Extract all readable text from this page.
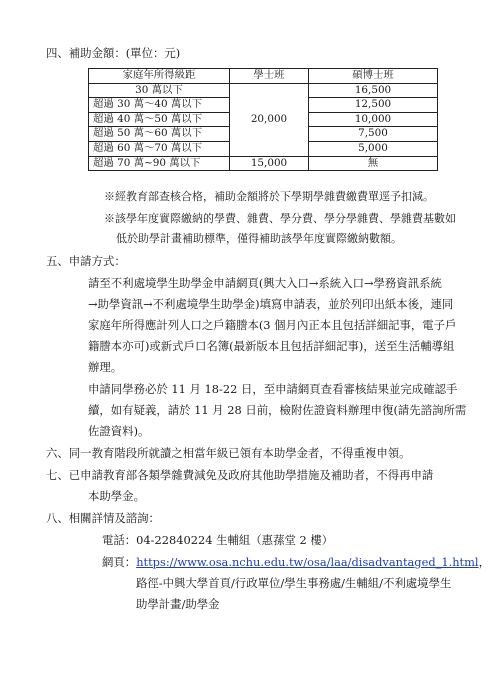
四、補助金額：(單位：元)
家庭年所得級距	學士班	碩博士班
30 萬以下	20,000	16,500
超過 30 萬～40 萬以下		12,500
超過 40 萬～50 萬以下		10,000
超過 50 萬～60 萬以下		7,500
超過 60 萬～70 萬以下		5,000
超過 70 萬~90 萬以下	15,000	無
※經教育部查核合格，補助金額將於下學期學雜費繳費單逕予扣減。
※該學年度實際繳納的學費、雜費、學分費、學分學雜費、學雜費基數如
低於助學計畫補助標準，僅得補助該學年度實際繳納數額。
五、申請方式：
請至不利處境學生助學金申請網頁(興大入口→系統入口→學務資訊系統
→助學資訊→不利處境學生助學金)填寫申請表，並於列印出紙本後，連同
家庭年所得應計列人口之戶籍謄本(3 個月內正本且包括詳細記事，電子戶
籍謄本亦可)或新式戶口名簿(最新版本且包括詳細記事)，送至生活輔導組
辦理。
申請同學務必於 11 月 18-22 日，至申請網頁查看審核結果並完成確認手
續，如有疑義，請於 11 月 28 日前，檢附佐證資料辦理申復(請先諮詢所需
佐證資料)。
六、同一教育階段所就讀之相當年級已領有本助學金者，不得重複申領。
七、已申請教育部各類學雜費減免及政府其他助學措施及補助者，不得再申請
本助學金。
八、相關詳情及諮詢：
電話：04-22840224 生輔組（惠蓀堂 2 樓）
網頁：https://www.osa.nchu.edu.tw/osa/laa/disadvantaged_1.html，
路徑-中興大學首頁/行政單位/學生事務處/生輔組/不利處境學生
助學計畫/助學金
